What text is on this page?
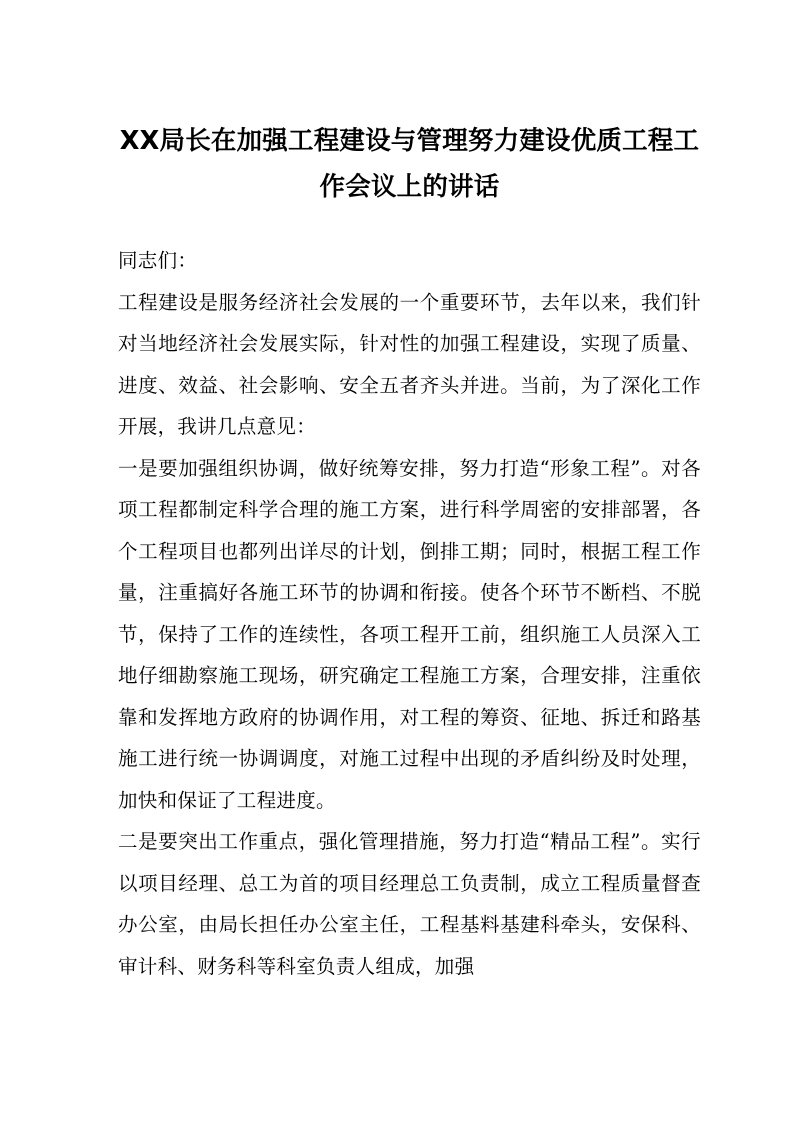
XX局长在加强工程建设与管理努力建设优质工程工作会议上的讲话

同志们：

工程建设是服务经济社会发展的一个重要环节，去年以来，我们针对当地经济社会发展实际，针对性的加强工程建设，实现了质量、进度、效益、社会影响、安全五者齐头并进。当前，为了深化工作开展，我讲几点意见：

一是要加强组织协调，做好统筹安排，努力打造“形象工程”。对各项工程都制定科学合理的施工方案，进行科学周密的安排部署，各个工程项目也都列出详尽的计划，倒排工期；同时，根据工程工作量，注重搞好各施工环节的协调和衔接。使各个环节不断档、不脱节，保持了工作的连续性，各项工程开工前，组织施工人员深入工地仔细勘察施工现场，研究确定工程施工方案，合理安排，注重依靠和发挥地方政府的协调作用，对工程的筹资、征地、拆迁和路基施工进行统一协调调度，对施工过程中出现的矛盾纠纷及时处理，加快和保证了工程进度。

二是要突出工作重点，强化管理措施，努力打造“精品工程”。实行以项目经理、总工为首的项目经理总工负责制，成立工程质量督查办公室，由局长担任办公室主任，工程基料基建科牵头，安保科、审计科、财务科等科室负责人组成，加强
